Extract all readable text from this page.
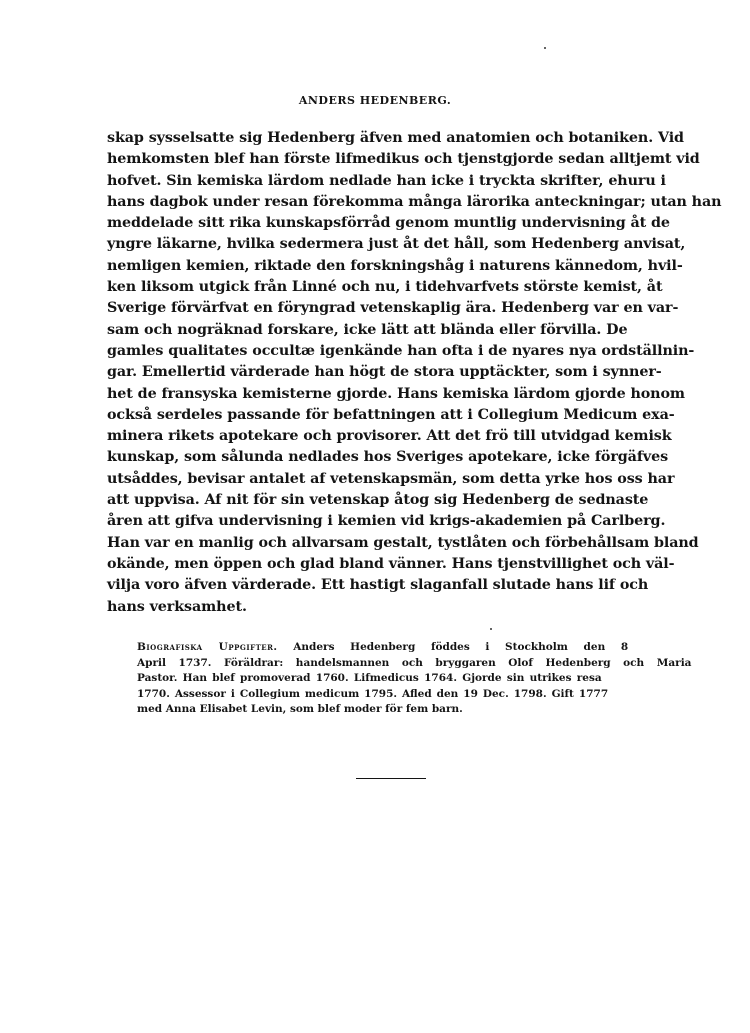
ANDERS HEDENBERG.
skap sysselsatte sig Hedenberg äfven med anatomien och botaniken. Vid
hemkomsten blef han förste lifmedikus och tjenstgjorde sedan alltjemt vid
hofvet. Sin kemiska lärdom nedlade han icke i tryckta skrifter, ehuru i
hans dagbok under resan förekomma många lärorika anteckningar; utan han
meddelade sitt rika kunskapsförråd genom muntlig undervisning åt de
yngre läkarne, hvilka sedermera just åt det håll, som Hedenberg anvisat,
nemligen kemien, riktade den forskningshåg i naturens kännedom, hvil-
ken liksom utgick från Linné och nu, i tidehvarfvets störste kemist, åt
Sverige förvärfvat en föryngrad vetenskaplig ära. Hedenberg var en var-
sam och nogräknad forskare, icke lätt att blända eller förvilla. De
gamles qualitates occultæ igenkände han ofta i de nyares nya ordställnin-
gar. Emellertid värderade han högt de stora upptäckter, som i synner-
het de fransyska kemisterne gjorde. Hans kemiska lärdom gjorde honom
också serdeles passande för befattningen att i Collegium Medicum exa-
minera rikets apotekare och provisorer. Att det frö till utvidgad kemisk
kunskap, som sålunda nedlades hos Sveriges apotekare, icke förgäfves
utsåddes, bevisar antalet af vetenskapsmän, som detta yrke hos oss har
att uppvisa. Af nit för sin vetenskap åtog sig Hedenberg de sednaste
åren att gifva undervisning i kemien vid krigs-akademien på Carlberg.
Han var en manlig och allvarsam gestalt, tystlåten och förbehållsam bland
okände, men öppen och glad bland vänner. Hans tjenstvillighet och väl-
vilja voro äfven värderade. Ett hastigt slaganfall slutade hans lif och
hans verksamhet.
Biografiska Uppgifter. Anders Hedenberg föddes i Stockholm den 8
April 1737. Föräldrar: handelsmannen och bryggaren Olof Hedenberg och Maria
Pastor. Han blef promoverad 1760. Lifmedicus 1764. Gjorde sin utrikes resa
1770. Assessor i Collegium medicum 1795. Afled den 19 Dec. 1798. Gift 1777
med Anna Elisabet Levin, som blef moder för fem barn.
